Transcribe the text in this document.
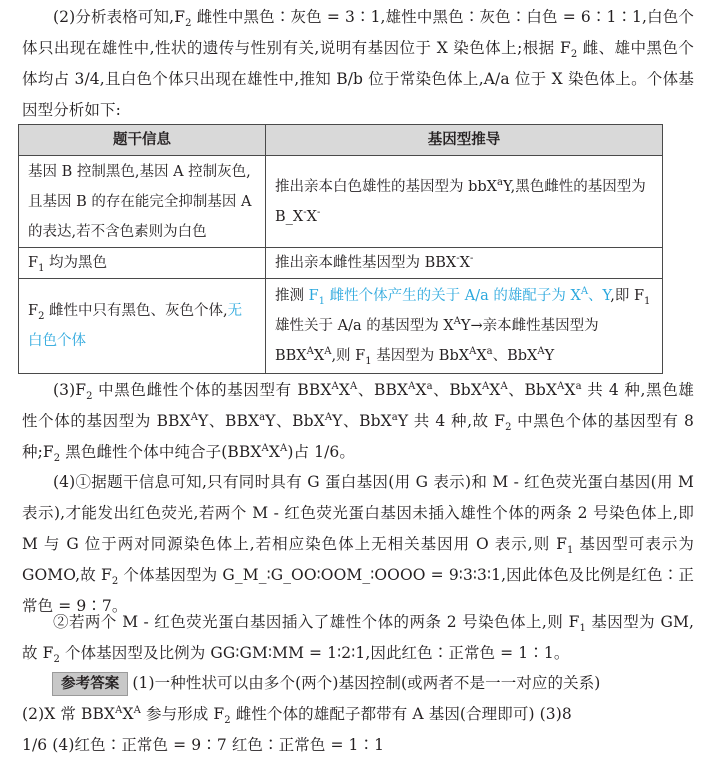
(2)分析表格可知$,F_2$ 雌性中黑色∶灰色 = 3∶1,雄性中黑色∶灰色∶白色 = 6∶1∶1,白色个体只出现在雄性中,性状的遗传与性别有关,说明有基因位于 X 染色体上;根据 $F_2$ 雌、雄中黑色个体均占 3/4,且白色个体只出现在雄性中,推知 B/b 位于常染色体上,A/a 位于 X 染色体上。个体基因型分析如下:
题干信息	基因型推导
基因 B 控制黑色,基因 A 控制灰色,且基因 B 的存在能完全抑制基因 A 的表达,若不含色素则为白色	推出亲本白色雄性的基因型为 bbX$^a$Y,黑色雌性的基因型为 B_X-X-
$F_1$ 均为黑色	推出亲本雌性基因型为 BBX-X-
$F_2$ 雌性中只有黑色、灰色个体,无白色个体	推测 $F_1$ 雌性个体产生的关于 A/a 的雄配子为 $X^A$、Y,即 $F_1$ 雄性关于 A/a 的基因型为 $X^AY\to$亲本雌性基因型为 $BBX^AX^A$,则 $F_1$ 基因型为 $BbX^AX^a$、BbX$^A$Y
$(3)F_2$ 中黑色雌性个体的基因型有 $BBX^AX^A$、$BBX^AX^a$、$BbX^AX^A$、$BbX^AX^a$ 共 4 种,黑色雄性个体的基因型为 $BBX^AY$、BBX$^a$Y、BbX$^A$Y、BbX$^a$Y 共 4 种,故 $F_2$ 中黑色个体的基因型有 8 种$;F_2$ 黑色雌性个体中纯合子$(BBX^AX^A)$占 1/6。
(4)①据题干信息可知,只有同时具有 G 蛋白基因(用 G 表示)和 M - 红色荧光蛋白基因(用 M 表示),才能发出红色荧光,若两个 M - 红色荧光蛋白基因未插入雄性个体的两条 2 号染色体上,即 M 与 G 位于两对同源染色体上,若相应染色体上无相关基因用 O 表示,则 $F_1$ 基因型可表示为 GOMO,故 $F_2$ 个体基因型为 G_M_∶G_OO∶OOM_∶OOOO = 9∶3∶3∶1,因此体色及比例是红色∶正常色 = 9∶7。
②若两个 M - 红色荧光蛋白基因插入了雄性个体的两条 2 号染色体上,则 $F_1$ 基因型为 GM,故 $F_2$ 个体基因型及比例为 GG∶GM∶MM = 1∶2∶1,因此红色∶正常色 = 1∶1。
参考答案 (1)一种性状可以由多个(两个)基因控制(或两者不是一一对应的关系)
(2)X 常 $BBX^AX^A$ 参与形成 $F_2$ 雌性个体的雄配子都带有 A 基因(合理即可) (3)8
1/6 (4)红色∶正常色 = 9∶7 红色∶正常色 = 1∶1
